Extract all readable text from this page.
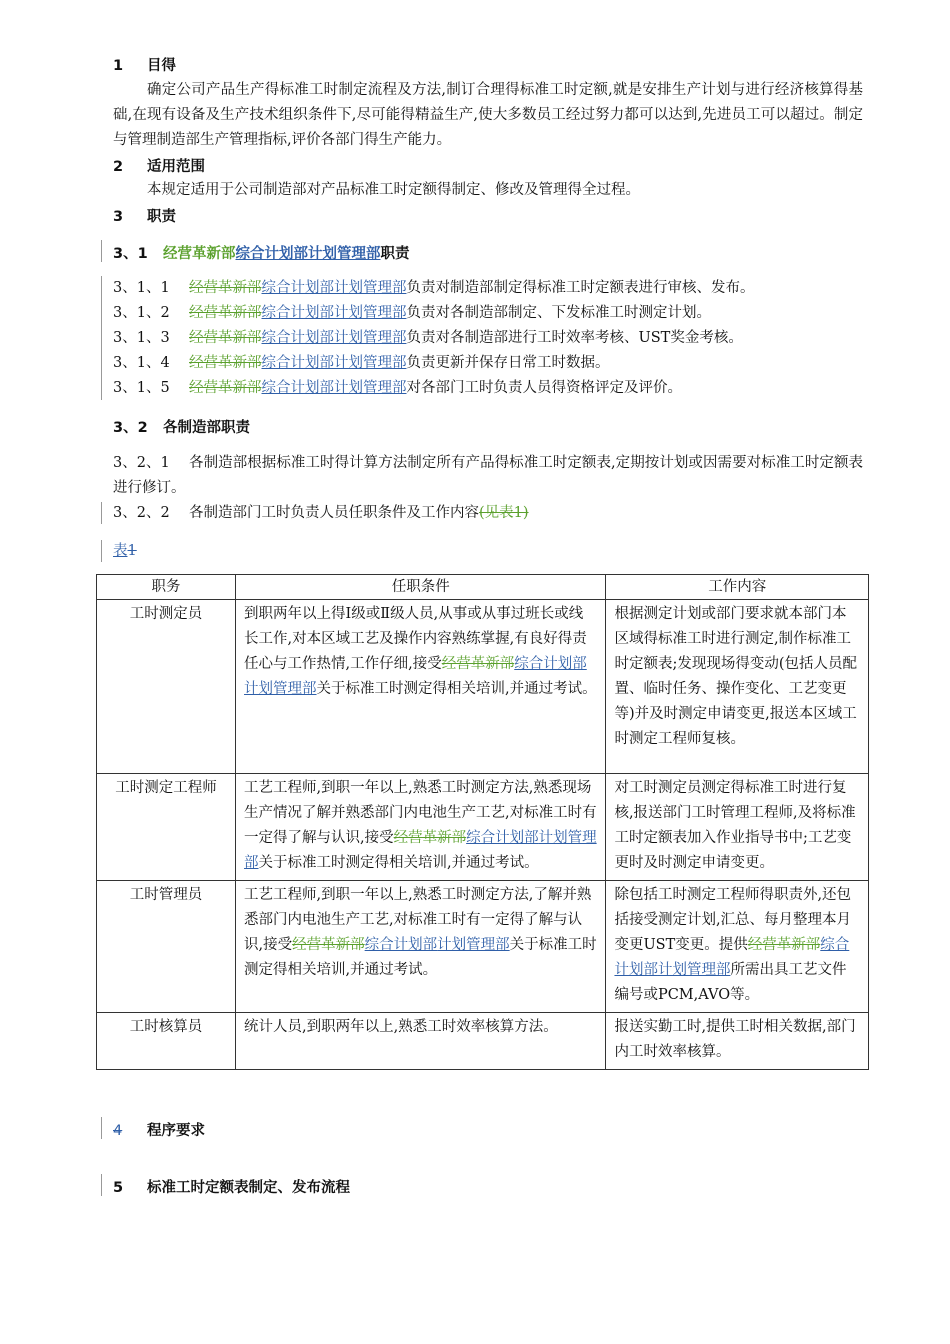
1 目得
确定公司产品生产得标准工时制定流程及方法,制订合理得标准工时定额,就是安排生产计划与进行经济核算得基础,在现有设备及生产技术组织条件下,尽可能得精益生产,使大多数员工经过努力都可以达到,先进员工可以超过。制定与管理制造部生产管理指标,评价各部门得生产能力。
2 适用范围
本规定适用于公司制造部对产品标准工时定额得制定、修改及管理得全过程。
3 职责
3、1 经营革新部综合计划部计划管理部职责
3、1、1 经营革新部综合计划部计划管理部负责对制造部制定得标准工时定额表进行审核、发布。
3、1、2 经营革新部综合计划部计划管理部负责对各制造部制定、下发标准工时测定计划。
3、1、3 经营革新部综合计划部计划管理部负责对各制造部进行工时效率考核、UST奖金考核。
3、1、4 经营革新部综合计划部计划管理部负责更新并保存日常工时数据。
3、1、5 经营革新部综合计划部计划管理部对各部门工时负责人员得资格评定及评价。
3、2 各制造部职责
3、2、1 各制造部根据标准工时得计算方法制定所有产品得标准工时定额表,定期按计划或因需要对标准工时定额表进行修订。
3、2、2 各制造部门工时负责人员任职条件及工作内容(见表1)
表1
职务	任职条件	工作内容
工时测定员	到职两年以上得Ⅰ级或Ⅱ级人员,从事或从事过班长或线长工作,对本区域工艺及操作内容熟练掌握,有良好得责任心与工作热情,工作仔细,接受经营革新部综合计划部计划管理部关于标准工时测定得相关培训,并通过考试。	根据测定计划或部门要求就本部门本区域得标准工时进行测定,制作标准工时定额表;发现现场得变动(包括人员配置、临时任务、操作变化、工艺变更等)并及时测定申请变更,报送本区域工时测定工程师复核。
工时测定工程师	工艺工程师,到职一年以上,熟悉工时测定方法,熟悉现场生产情况了解并熟悉部门内电池生产工艺,对标准工时有一定得了解与认识,接受经营革新部综合计划部计划管理部关于标准工时测定得相关培训,并通过考试。	对工时测定员测定得标准工时进行复核,报送部门工时管理工程师,及将标准工时定额表加入作业指导书中;工艺变更时及时测定申请变更。
工时管理员	工艺工程师,到职一年以上,熟悉工时测定方法,了解并熟悉部门内电池生产工艺,对标准工时有一定得了解与认识,接受经营革新部综合计划部计划管理部关于标准工时测定得相关培训,并通过考试。	除包括工时测定工程师得职责外,还包括接受测定计划,汇总、每月整理本月变更UST变更。提供经营革新部综合计划部计划管理部所需出具工艺文件编号或PCM,AVO等。
工时核算员	统计人员,到职两年以上,熟悉工时效率核算方法。	报送实勤工时,提供工时相关数据,部门内工时效率核算。
4 程序要求
5 标准工时定额表制定、发布流程
